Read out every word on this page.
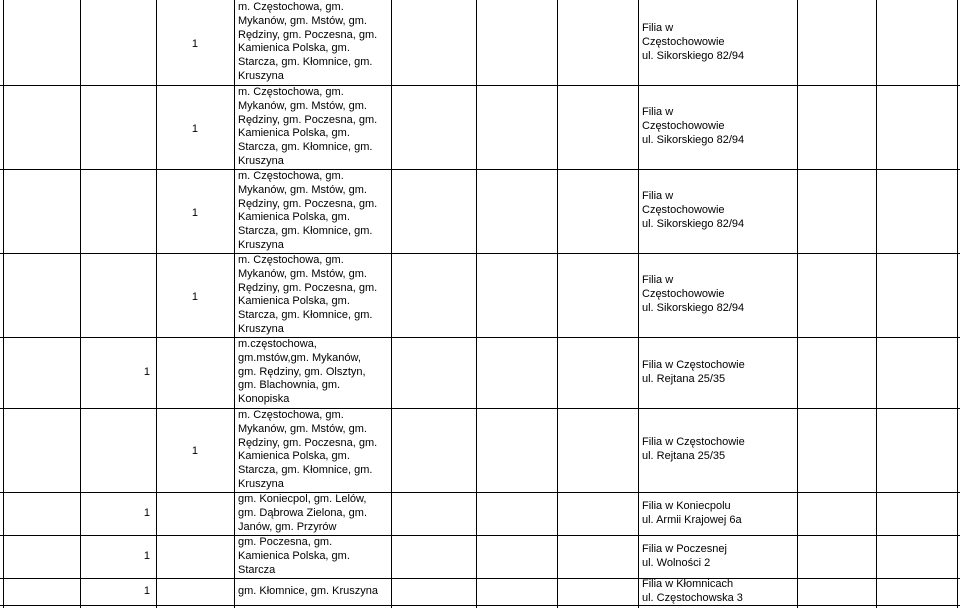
1
m. Częstochowa, gm.
Mykanów, gm. Mstów, gm.
Rędziny, gm. Poczesna, gm.
Kamienica Polska, gm.
Starcza, gm. Kłomnice, gm.
Kruszyna
Filia w
Częstochowowie
ul. Sikorskiego 82/94
1
m. Częstochowa, gm.
Mykanów, gm. Mstów, gm.
Rędziny, gm. Poczesna, gm.
Kamienica Polska, gm.
Starcza, gm. Kłomnice, gm.
Kruszyna
Filia w
Częstochowowie
ul. Sikorskiego 82/94
1
m. Częstochowa, gm.
Mykanów, gm. Mstów, gm.
Rędziny, gm. Poczesna, gm.
Kamienica Polska, gm.
Starcza, gm. Kłomnice, gm.
Kruszyna
Filia w
Częstochowowie
ul. Sikorskiego 82/94
1
m. Częstochowa, gm.
Mykanów, gm. Mstów, gm.
Rędziny, gm. Poczesna, gm.
Kamienica Polska, gm.
Starcza, gm. Kłomnice, gm.
Kruszyna
Filia w
Częstochowowie
ul. Sikorskiego 82/94
1
m.częstochowa,
gm.mstów,gm. Mykanów,
gm. Rędziny, gm. Olsztyn,
gm. Blachownia, gm.
Konopiska
Filia w Częstochowie
ul. Rejtana 25/35
1
m. Częstochowa, gm.
Mykanów, gm. Mstów, gm.
Rędziny, gm. Poczesna, gm.
Kamienica Polska, gm.
Starcza, gm. Kłomnice, gm.
Kruszyna
Filia w Częstochowie
ul. Rejtana 25/35
1
gm. Koniecpol, gm. Lelów,
gm. Dąbrowa Zielona, gm.
Janów, gm. Przyrów
Filia w Koniecpolu
ul. Armii Krajowej 6a
1
gm. Poczesna, gm.
Kamienica Polska, gm.
Starcza
Filia w Poczesnej
ul. Wolności 2
1	gm. Kłomnice, gm. Kruszyna
Filia w Kłomnicach
ul. Częstochowska 3
